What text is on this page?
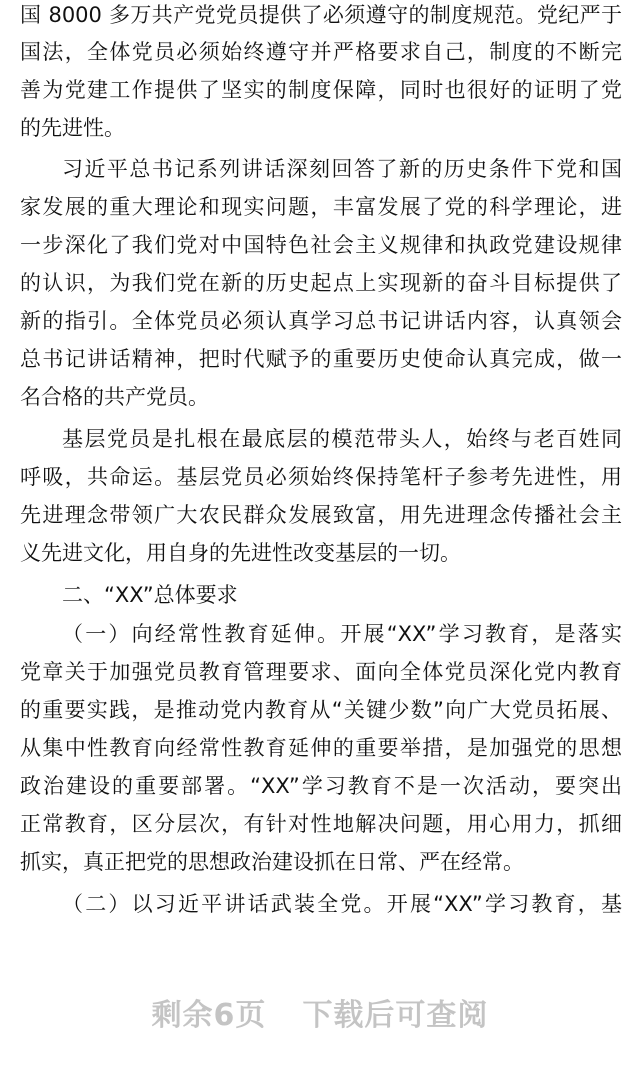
国 8000 多万共产党党员提供了必须遵守的制度规范。党纪严于
国法，全体党员必须始终遵守并严格要求自己，制度的不断完
善为党建工作提供了坚实的制度保障，同时也很好的证明了党
的先进性。
习近平总书记系列讲话深刻回答了新的历史条件下党和国
家发展的重大理论和现实问题，丰富发展了党的科学理论，进
一步深化了我们党对中国特色社会主义规律和执政党建设规律
的认识，为我们党在新的历史起点上实现新的奋斗目标提供了
新的指引。全体党员必须认真学习总书记讲话内容，认真领会
总书记讲话精神，把时代赋予的重要历史使命认真完成，做一
名合格的共产党员。
基层党员是扎根在最底层的模范带头人，始终与老百姓同
呼吸，共命运。基层党员必须始终保持笔杆子参考先进性，用
先进理念带领广大农民群众发展致富，用先进理念传播社会主
义先进文化，用自身的先进性改变基层的一切。
（一）向经常性教育延伸。开展“XX”学习教育，是落实
党章关于加强党员教育管理要求、面向全体党员深化党内教育
的重要实践，是推动党内教育从“关键少数”向广大党员拓展、
从集中性教育向经常性教育延伸的重要举措，是加强党的思想
政治建设的重要部署。“XX”学习教育不是一次活动，要突出
正常教育，区分层次，有针对性地解决问题，用心用力，抓细
抓实，真正把党的思想政治建设抓在日常、严在经常。
（二）以习近平讲话武装全党。开展“XX”学习教育，基
二、“XX”总体要求
剩余6页 下载后可查阅
